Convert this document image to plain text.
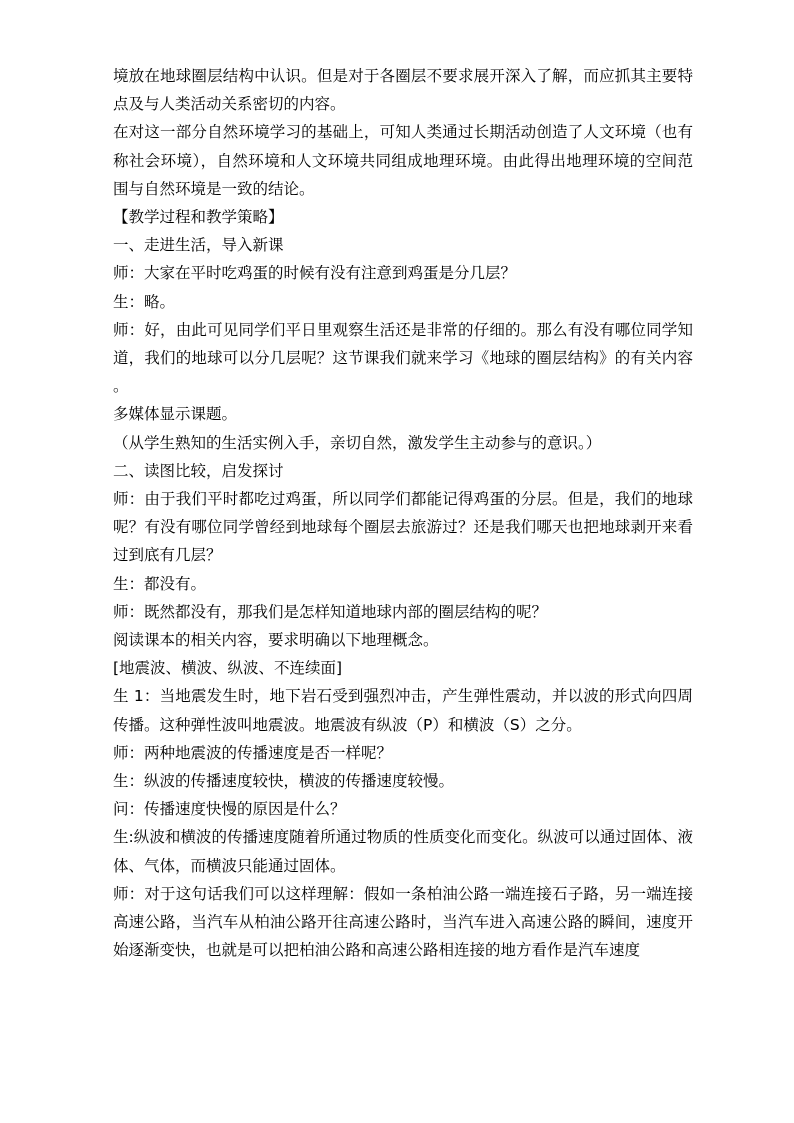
境放在地球圈层结构中认识。但是对于各圈层不要求展开深入了解，而应抓其主要特点及与人类活动关系密切的内容。

在对这一部分自然环境学习的基础上，可知人类通过长期活动创造了人文环境（也有称社会环境），自然环境和人文环境共同组成地理环境。由此得出地理环境的空间范围与自然环境是一致的结论。

【教学过程和教学策略】

一、走进生活，导入新课

师：大家在平时吃鸡蛋的时候有没有注意到鸡蛋是分几层？

生：略。

师：好，由此可见同学们平日里观察生活还是非常的仔细的。那么有没有哪位同学知道，我们的地球可以分几层呢？这节课我们就来学习《地球的圈层结构》的有关内容。

多媒体显示课题。

（从学生熟知的生活实例入手，亲切自然，激发学生主动参与的意识。）

二、读图比较，启发探讨

师：由于我们平时都吃过鸡蛋，所以同学们都能记得鸡蛋的分层。但是，我们的地球呢？有没有哪位同学曾经到地球每个圈层去旅游过？还是我们哪天也把地球剥开来看过到底有几层？

生：都没有。

师：既然都没有，那我们是怎样知道地球内部的圈层结构的呢？

阅读课本的相关内容，要求明确以下地理概念。

[地震波、横波、纵波、不连续面]

生 1：当地震发生时，地下岩石受到强烈冲击，产生弹性震动，并以波的形式向四周传播。这种弹性波叫地震波。地震波有纵波（P）和横波（S）之分。

师：两种地震波的传播速度是否一样呢？

生：纵波的传播速度较快，横波的传播速度较慢。

问：传播速度快慢的原因是什么？

生:纵波和横波的传播速度随着所通过物质的性质变化而变化。纵波可以通过固体、液体、气体，而横波只能通过固体。

师：对于这句话我们可以这样理解：假如一条柏油公路一端连接石子路，另一端连接高速公路，当汽车从柏油公路开往高速公路时，当汽车进入高速公路的瞬间，速度开始逐渐变快，也就是可以把柏油公路和高速公路相连接的地方看作是汽车速度
